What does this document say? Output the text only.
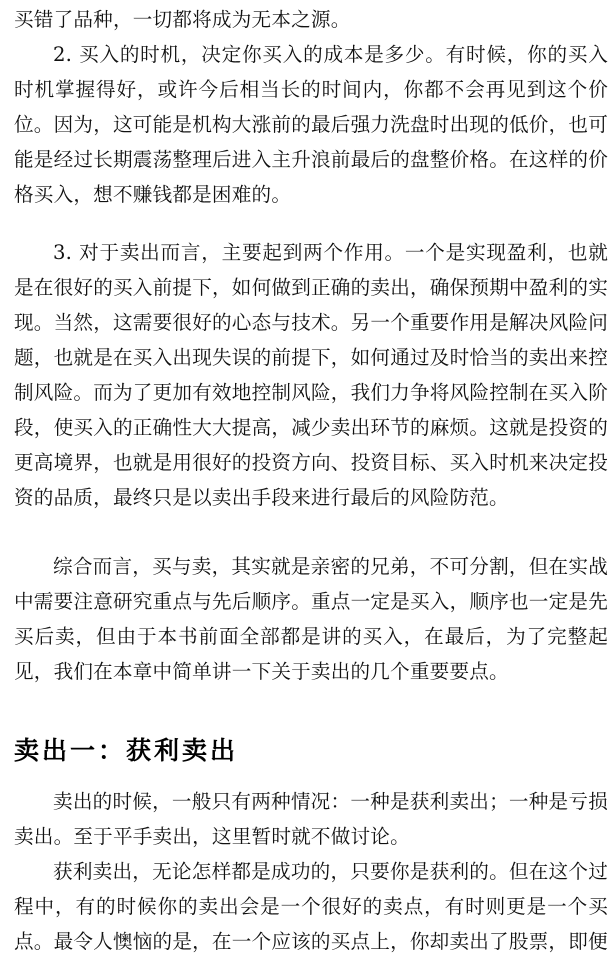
买错了品种，一切都将成为无本之源。

2. 买入的时机，决定你买入的成本是多少。有时候，你的买入时机掌握得好，或许今后相当长的时间内，你都不会再见到这个价位。因为，这可能是机构大涨前的最后强力洗盘时出现的低价，也可能是经过长期震荡整理后进入主升浪前最后的盘整价格。在这样的价格买入，想不赚钱都是困难的。

3. 对于卖出而言，主要起到两个作用。一个是实现盈利，也就是在很好的买入前提下，如何做到正确的卖出，确保预期中盈利的实现。当然，这需要很好的心态与技术。另一个重要作用是解决风险问题，也就是在买入出现失误的前提下，如何通过及时恰当的卖出来控制风险。而为了更加有效地控制风险，我们力争将风险控制在买入阶段，使买入的正确性大大提高，减少卖出环节的麻烦。这就是投资的更高境界，也就是用很好的投资方向、投资目标、买入时机来决定投资的品质，最终只是以卖出手段来进行最后的风险防范。

综合而言，买与卖，其实就是亲密的兄弟，不可分割，但在实战中需要注意研究重点与先后顺序。重点一定是买入，顺序也一定是先买后卖，但由于本书前面全部都是讲的买入，在最后，为了完整起见，我们在本章中简单讲一下关于卖出的几个重要要点。

卖出一：获利卖出

卖出的时候，一般只有两种情况：一种是获利卖出；一种是亏损卖出。至于平手卖出，这里暂时就不做讨论。

获利卖出，无论怎样都是成功的，只要你是获利的。但在这个过程中，有的时候你的卖出会是一个很好的卖点，有时则更是一个买点。最令人懊恼的是，在一个应该的买点上，你却卖出了股票，即便
